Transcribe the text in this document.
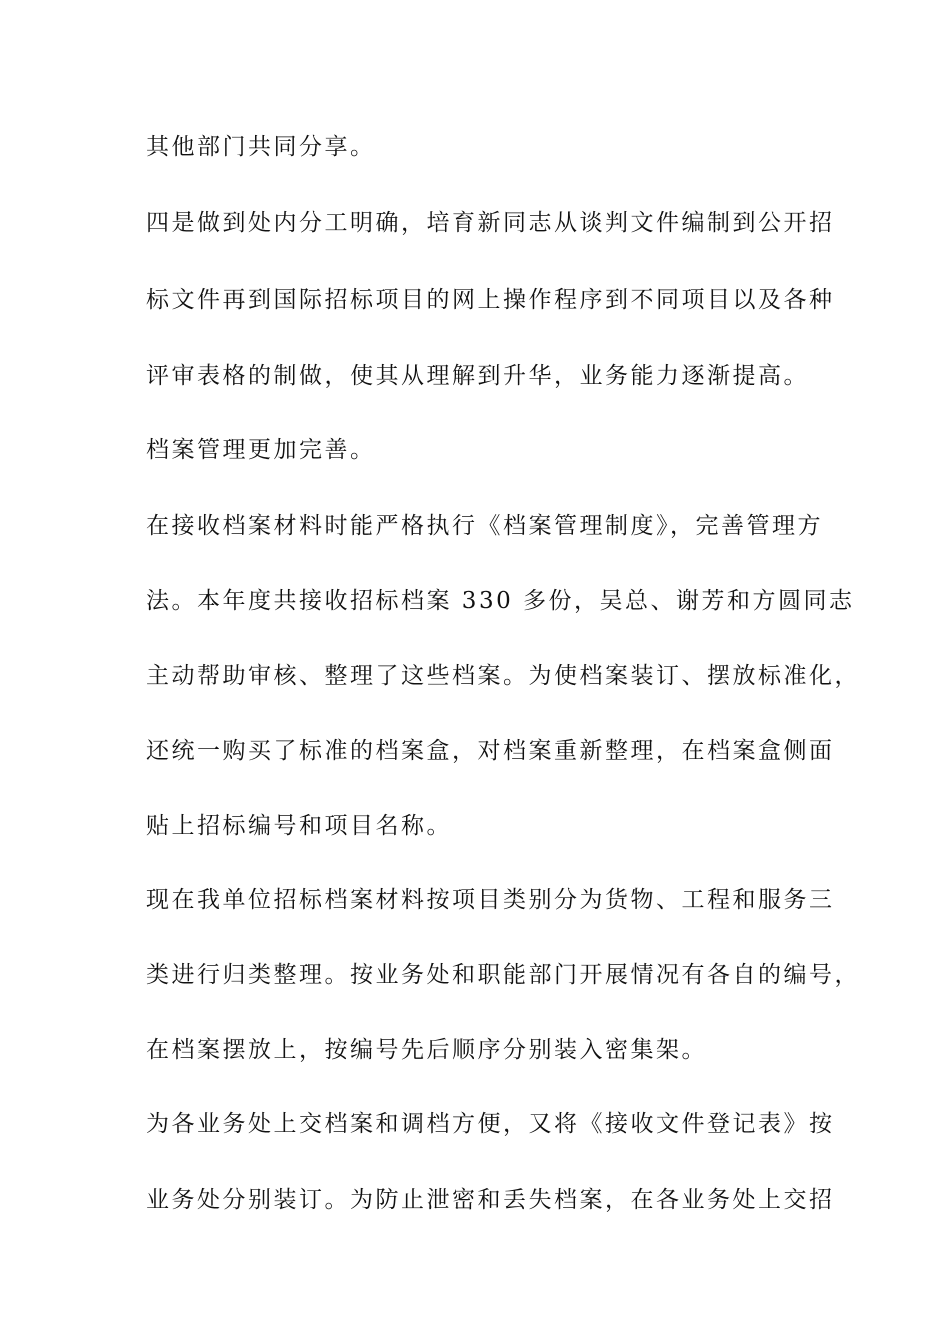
其他部门共同分享。

四是做到处内分工明确，培育新同志从谈判文件编制到公开招

标文件再到国际招标项目的网上操作程序到不同项目以及各种

评审表格的制做，使其从理解到升华，业务能力逐渐提高。

档案管理更加完善。

在接收档案材料时能严格执行《档案管理制度》，完善管理方

法。本年度共接收招标档案 330 多份，吴总、谢芳和方圆同志

主动帮助审核、整理了这些档案。为使档案装订、摆放标准化，

还统一购买了标准的档案盒，对档案重新整理，在档案盒侧面

贴上招标编号和项目名称。

现在我单位招标档案材料按项目类别分为货物、工程和服务三

类进行归类整理。按业务处和职能部门开展情况有各自的编号，

在档案摆放上，按编号先后顺序分别装入密集架。

为各业务处上交档案和调档方便，又将《接收文件登记表》按

业务处分别装订。为防止泄密和丢失档案，在各业务处上交招
